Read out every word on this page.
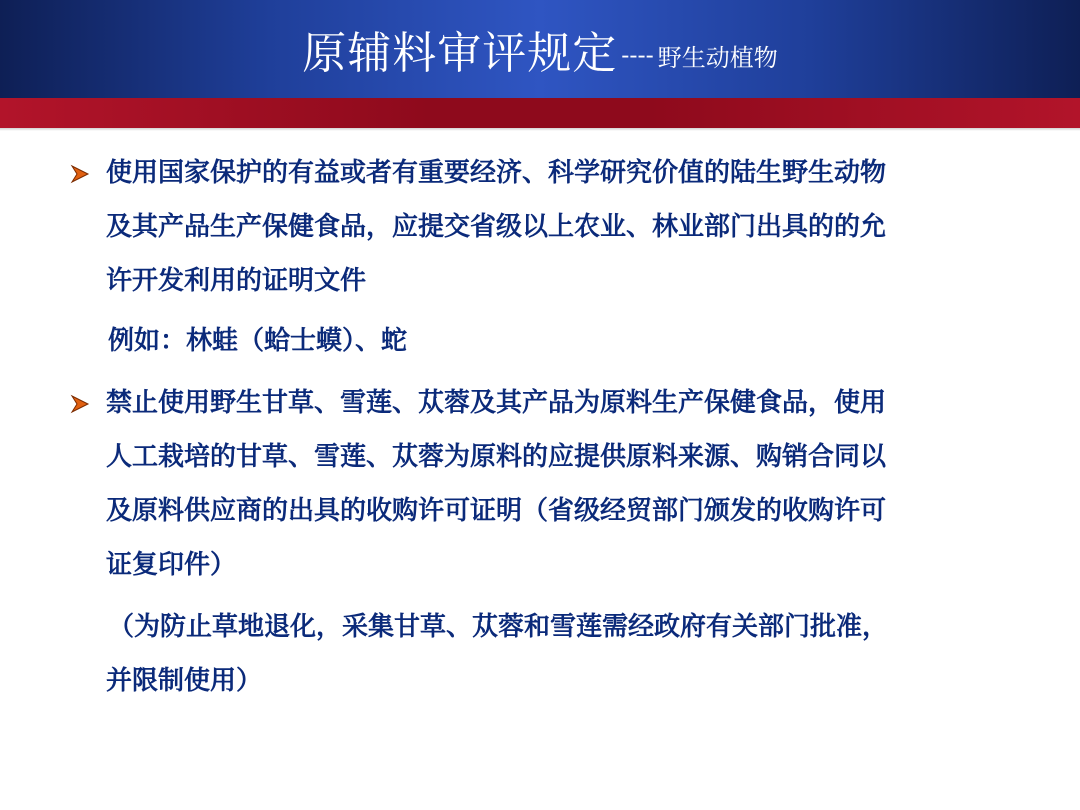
原辅料审评规定 ---- 野生动植物
使用国家保护的有益或者有重要经济、科学研究价值的陆生野生动物
及其产品生产保健食品，应提交省级以上农业、林业部门出具的的允
许开发利用的证明文件
例如：林蛙（蛤士蟆）、蛇
禁止使用野生甘草、雪莲、苁蓉及其产品为原料生产保健食品，使用
人工栽培的甘草、雪莲、苁蓉为原料的应提供原料来源、购销合同以
及原料供应商的出具的收购许可证明（省级经贸部门颁发的收购许可
证复印件）
（为防止草地退化，采集甘草、苁蓉和雪莲需经政府有关部门批准，
并限制使用）
